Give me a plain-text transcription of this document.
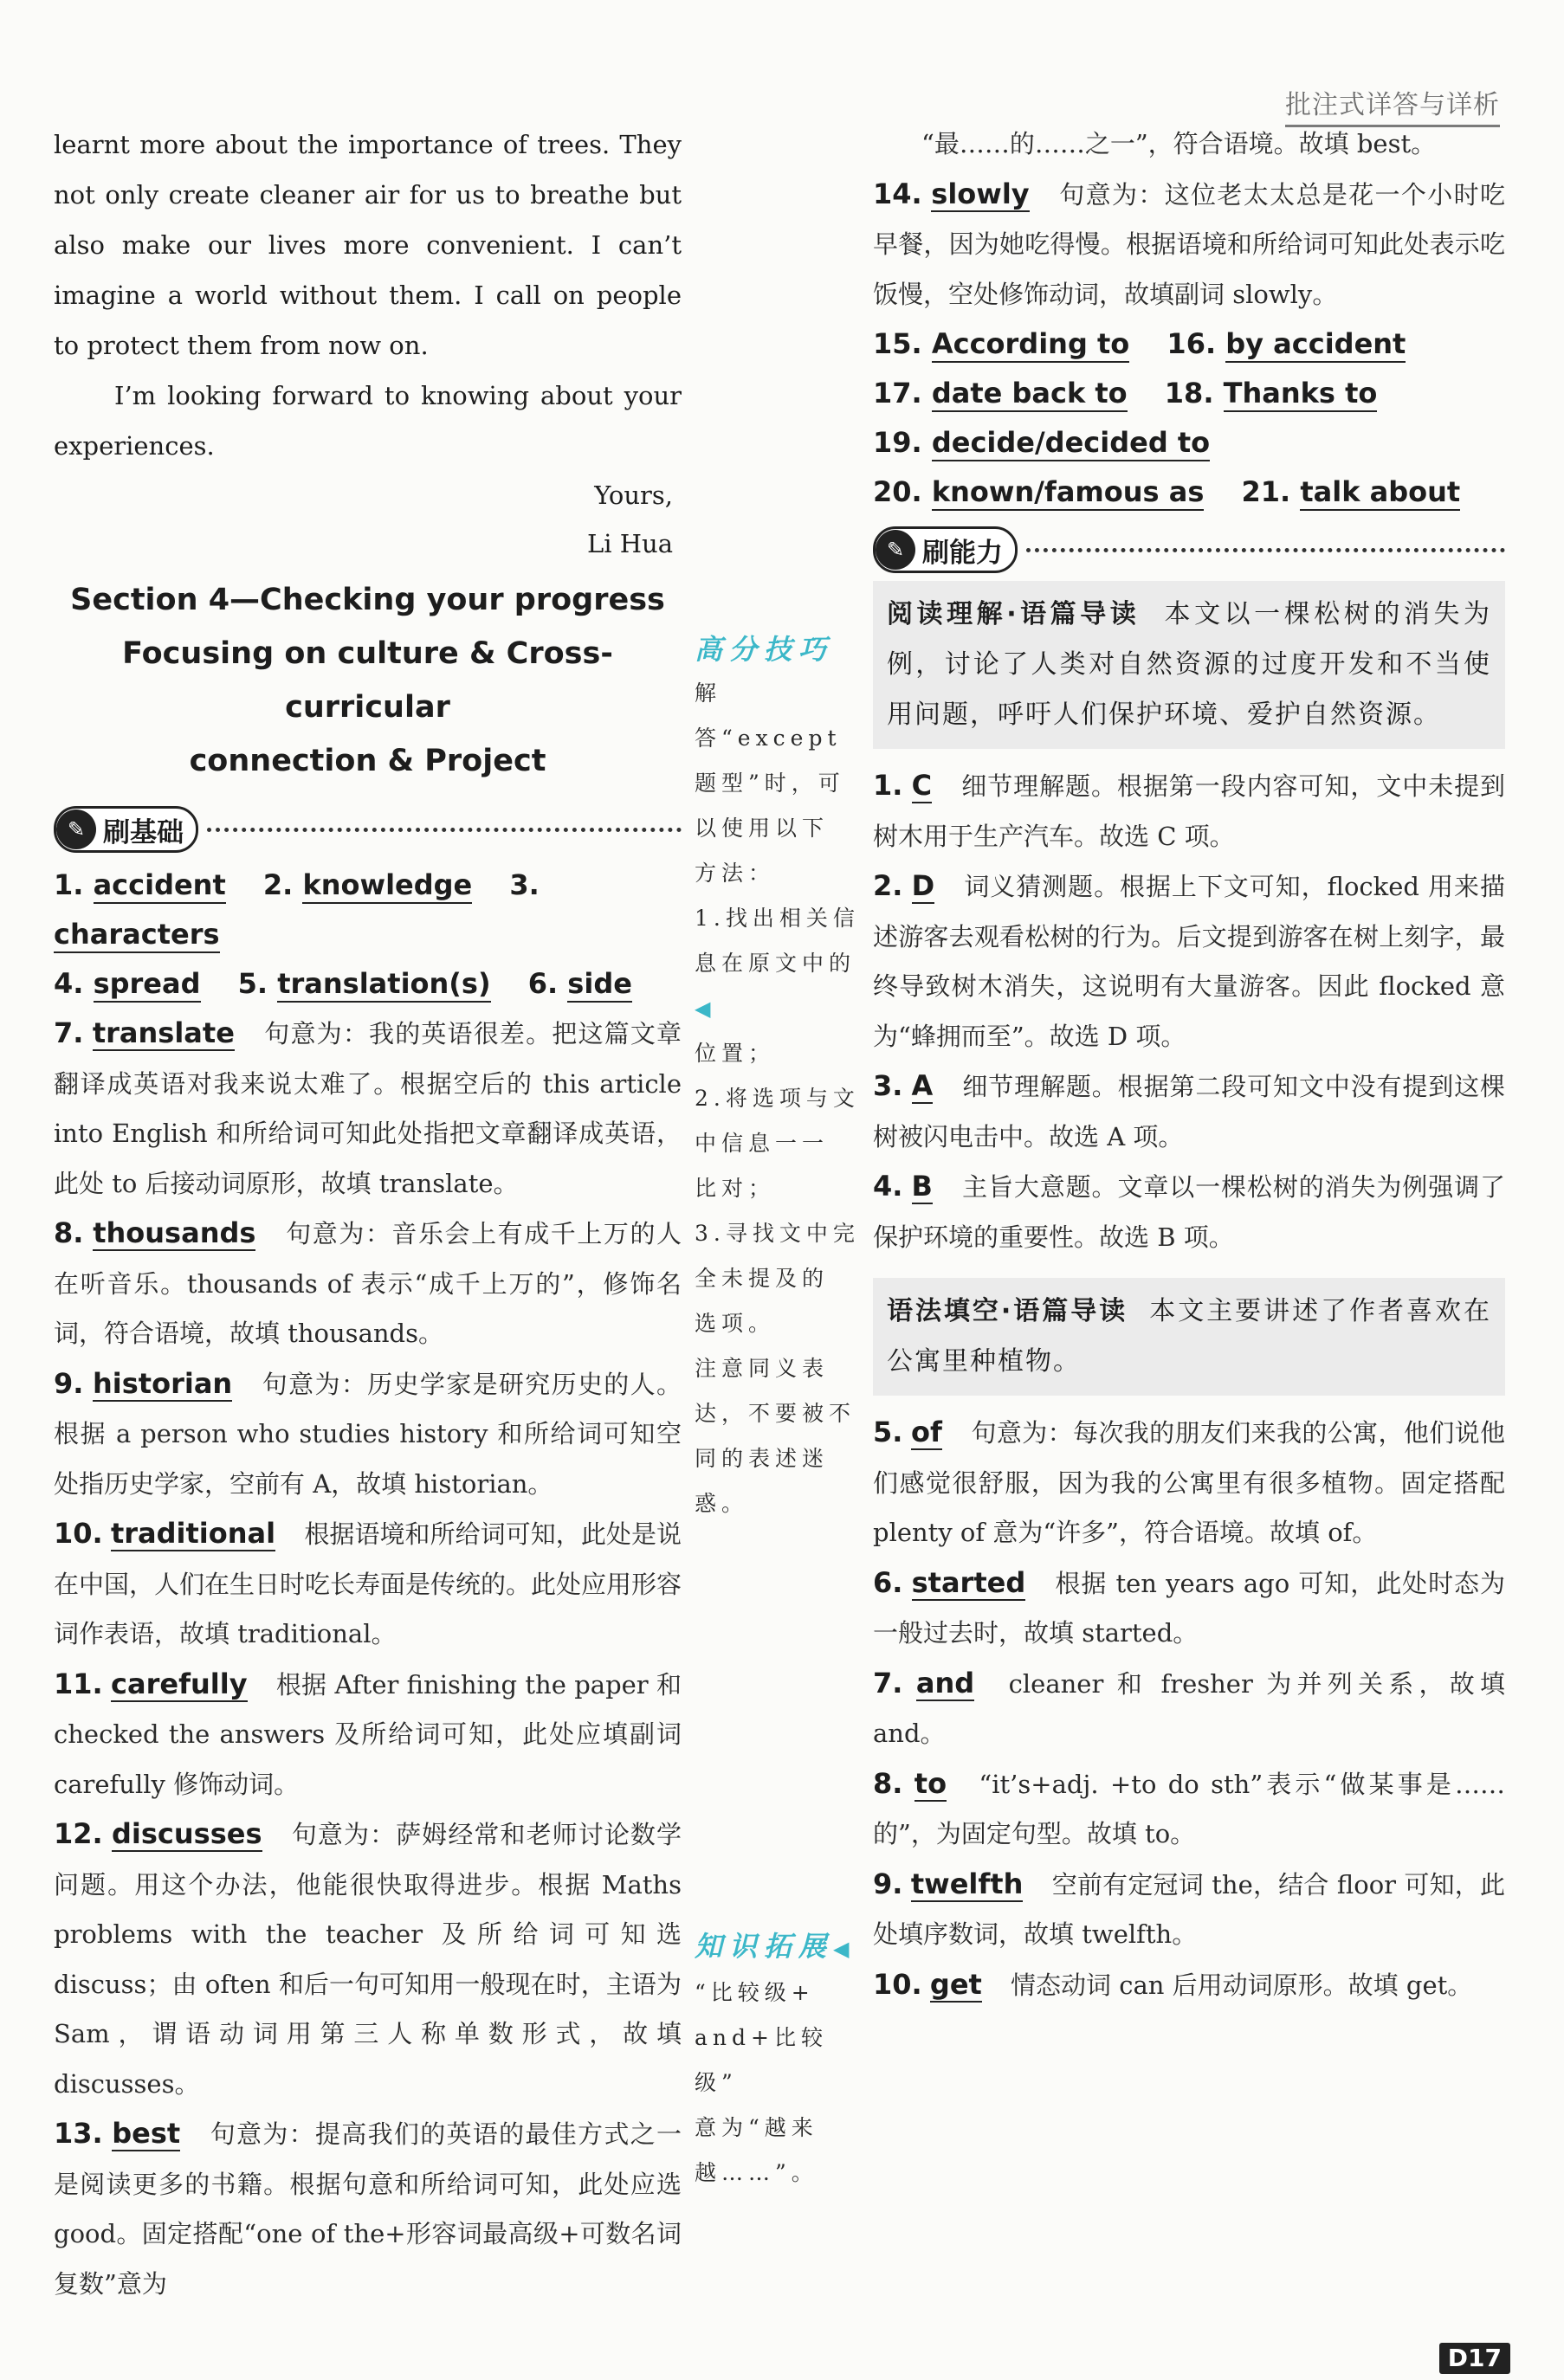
批注式详答与详析

learnt more about the importance of trees. They not only create cleaner air for us to breathe but also make our lives more convenient. I can’t imagine a world without them. I call on people to protect them from now on.

I’m looking forward to knowing about your experiences.

Yours,
Li Hua
Section 4—Checking your progress
Focusing on culture & Cross-curricular
connection & Project
✎ 刷基础
1. accident 2. knowledge 3. characters
4. spread 5. translation(s) 6. side
7. translate 句意为：我的英语很差。把这篇文章翻译成英语对我来说太难了。根据空后的 this article into English 和所给词可知此处指把文章翻译成英语，此处 to 后接动词原形，故填 translate。
8. thousands 句意为：音乐会上有成千上万的人在听音乐。thousands of 表示“成千上万的”，修饰名词，符合语境，故填 thousands。
9. historian 句意为：历史学家是研究历史的人。根据 a person who studies history 和所给词可知空处指历史学家，空前有 A，故填 historian。
10. traditional 根据语境和所给词可知，此处是说在中国，人们在生日时吃长寿面是传统的。此处应用形容词作表语，故填 traditional。
11. carefully 根据 After finishing the paper 和 checked the answers 及所给词可知，此处应填副词 carefully 修饰动词。
12. discusses 句意为：萨姆经常和老师讨论数学问题。用这个办法，他能很快取得进步。根据 Maths problems with the teacher 及所给词可知选 discuss；由 often 和后一句可知用一般现在时，主语为 Sam，谓语动词用第三人称单数形式，故填 discusses。
13. best 句意为：提高我们的英语的最佳方式之一是阅读更多的书籍。根据句意和所给词可知，此处应选 good。固定搭配“one of the+形容词最高级+可数名词复数”意为
高分技巧
解答“except
题型”时，可
以使用以下
方法：
1.找出相关信
息在原文中的◀
位置；
2.将选项与文
中信息一一
比对；
3.寻找文中完
全未提及的
选项。
注意同义表
达，不要被不
同的表述迷
惑。
知识拓展◀
“比较级+
and+比较级”
意为“越来
越……”。
“最……的……之一”，符合语境。故填 best。
14. slowly 句意为：这位老太太总是花一个小时吃早餐，因为她吃得慢。根据语境和所给词可知此处表示吃饭慢，空处修饰动词，故填副词 slowly。
15. According to 16. by accident
17. date back to 18. Thanks to
19. decide/decided to
20. known/famous as 21. talk about
✎ 刷能力

阅读理解·语篇导读 本文以一棵松树的消失为例，讨论了人类对自然资源的过度开发和不当使用问题，呼吁人们保护环境、爱护自然资源。

1. C 细节理解题。根据第一段内容可知，文中未提到树木用于生产汽车。故选 C 项。
2. D 词义猜测题。根据上下文可知，flocked 用来描述游客去观看松树的行为。后文提到游客在树上刻字，最终导致树木消失，这说明有大量游客。因此 flocked 意为“蜂拥而至”。故选 D 项。
3. A 细节理解题。根据第二段可知文中没有提到这棵树被闪电击中。故选 A 项。
4. B 主旨大意题。文章以一棵松树的消失为例强调了保护环境的重要性。故选 B 项。

语法填空·语篇导读 本文主要讲述了作者喜欢在公寓里种植物。

5. of 句意为：每次我的朋友们来我的公寓，他们说他们感觉很舒服，因为我的公寓里有很多植物。固定搭配 plenty of 意为“许多”，符合语境。故填 of。
6. started 根据 ten years ago 可知，此处时态为一般过去时，故填 started。
7. and cleaner 和 fresher 为并列关系，故填 and。
8. to “it’s+adj. +to do sth”表示“做某事是……的”，为固定句型。故填 to。
9. twelfth 空前有定冠词 the，结合 floor 可知，此处填序数词，故填 twelfth。
10. get 情态动词 can 后用动词原形。故填 get。
D17
